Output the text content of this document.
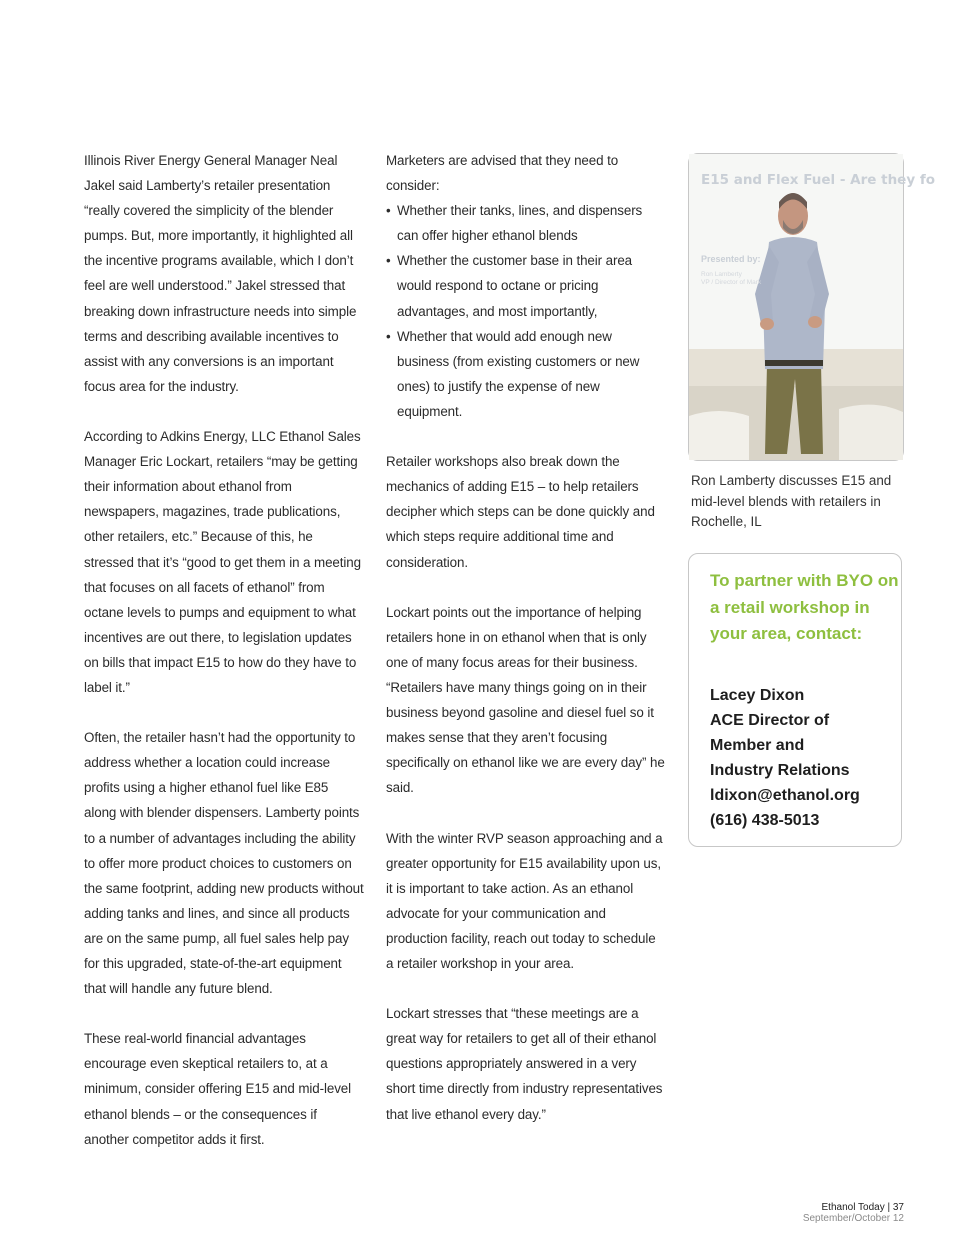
Illinois River Energy General Manager Neal Jakel said Lamberty’s retailer presentation “really covered the simplicity of the blender pumps. But, more importantly, it highlighted all the incentive programs available, which I don’t feel are well understood.” Jakel stressed that breaking down infrastructure needs into simple terms and describing available incentives to assist with any conversions is an important focus area for the industry.

According to Adkins Energy, LLC Ethanol Sales Manager Eric Lockart, retailers “may be getting their information about ethanol from newspapers, magazines, trade publications, other retailers, etc.” Because of this, he stressed that it’s “good to get them in a meeting that focuses on all facets of ethanol” from octane levels to pumps and equipment to what incentives are out there, to legislation updates on bills that impact E15 to how do they have to label it.”

Often, the retailer hasn’t had the opportunity to address whether a location could increase profits using a higher ethanol fuel like E85 along with blender dispensers. Lamberty points to a number of advantages including the ability to offer more product choices to customers on the same footprint, adding new products without adding tanks and lines, and since all products are on the same pump, all fuel sales help pay for this upgraded, state-of-the-art equipment that will handle any future blend.

These real-world financial advantages encourage even skeptical retailers to, at a minimum, consider offering E15 and mid-level ethanol blends – or the consequences if another competitor adds it first.

Marketers are advised that they need to consider:

• Whether their tanks, lines, and dispensers can offer higher ethanol blends
• Whether the customer base in their area would respond to octane or pricing advantages, and most importantly,
• Whether that would add enough new business (from existing customers or new ones) to justify the expense of new equipment.

Retailer workshops also break down the mechanics of adding E15 – to help retailers decipher which steps can be done quickly and which steps require additional time and consideration.

Lockart points out the importance of helping retailers hone in on ethanol when that is only one of many focus areas for their business. “Retailers have many things going on in their business beyond gasoline and diesel fuel so it makes sense that they aren’t focusing specifically on ethanol like we are every day” he said.

With the winter RVP season approaching and a greater opportunity for E15 availability upon us, it is important to take action. As an ethanol advocate for your communication and production facility, reach out today to schedule a retailer workshop in your area.

Lockart stresses that “these meetings are a great way for retailers to get all of their ethanol questions appropriately answered in a very short time directly from industry representatives that live ethanol every day.”

E15 and Flex Fuel - Are they fo
Presented by:
Ron Lamberty
VP / Director of Mark
Ron Lamberty discusses E15 and mid-level blends with retailers in Rochelle, IL
To partner with BYO on a retail workshop in your area, contact:
Lacey Dixon
ACE Director of
Member and
Industry Relations
ldixon@ethanol.org
(616) 438-5013
Ethanol Today | 37
September/October 12
